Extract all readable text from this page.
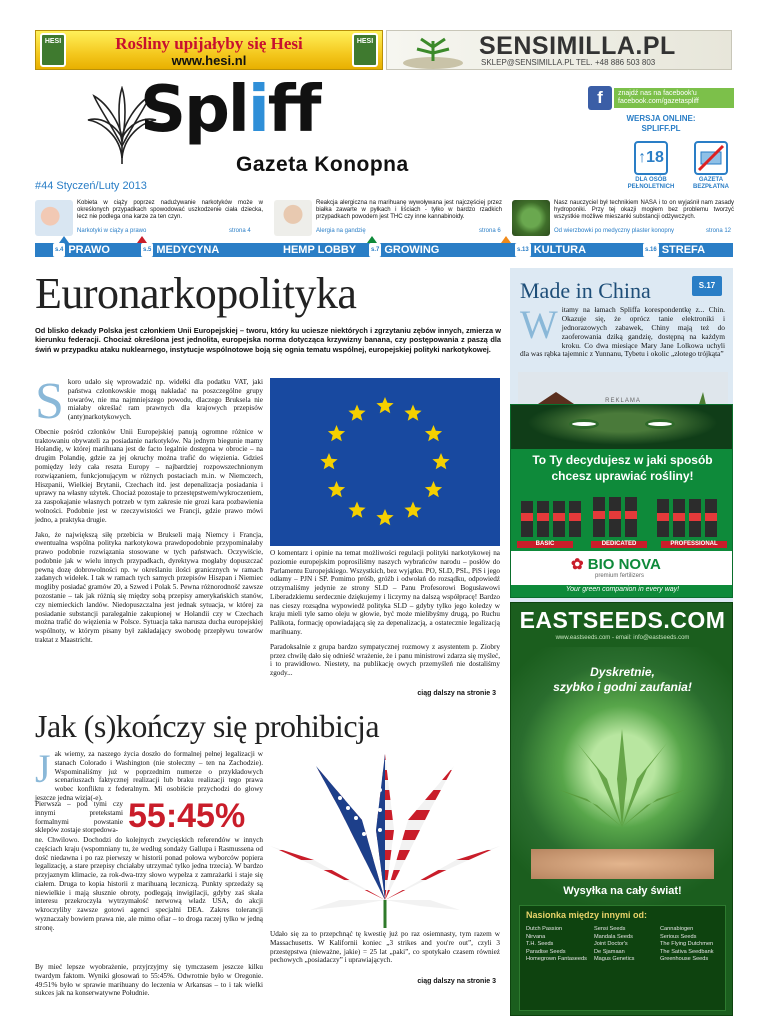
HESI	Rośliny upijałyby się Hesi
www.hesi.nl
HESI	SENSIMILLA.PL
SKLEP@SENSIMILLA.PL TEL. +48 886 503 803
Spliff
Gazeta Konopna
#44 Styczeń/Luty 2013
f	znajdź nas na facebook'u
facebook.com/gazetaspliff
WERSJA ONLINE:
SPLIFF.PL
↑18
DLA OSÓB
PEŁNOLETNICH
GAZETA
BEZPŁATNA
Kobieta w ciąży poprzez nadużywanie narkotyków może w określonych przypadkach spowodować uszkodzenie ciała dziecka, lecz nie podlega ona karze za ten czyn.
Narkotyki w ciąży a prawo	strona 4
Reakcja alergiczna na marihuanę wywoływana jest najczęściej przez białka zawarte w pyłkach i liściach - tylko w bardzo rzadkich przypadkach powodem jest THC czy inne kannabinoidy.
Alergia na gandzię	strona 6
Nasz nauczyciel był technikiem NASA i to on wyjaśnił nam zasady hydroponiki. Przy tej okazji mogłem bez problemu tworzyć wszystkie możliwe mieszanki substancji odżywczych.
Od wierzbowki po medyczny plaster konopny	strona 12
s.4 PRAWO	s.5 MEDYCYNA	HEMP LOBBY	s.7 GROWING	s.13 KULTURA	s.16 STREFA
Euronarkopolityka
Od blisko dekady Polska jest członkiem Unii Europejskiej – tworu, który ku uciesze niektórych i zgrzytaniu zębów innych, zmierza w kierunku federacji. Chociaż określona jest jednolita, europejska norma dotycząca krzywizny banana, czy postępowania z paszą dla świń w przypadku ataku nuklearnego, instytucje wspólnotowe boją się ognia tematu wspólnej, europejskiej polityki narkotykowej.

Skoro udało się wprowadzić np. widełki dla podatku VAT, jaki państwa członkowskie mogą nakładać na poszczególne grupy towarów, nie ma najmniejszego powodu, dlaczego Bruksela nie miałaby określać ram prawnych dla krajowych przepisów (anty)narkotykowych.

Obecnie pośród członków Unii Europejskiej panują ogromne różnice w traktowaniu obywateli za posiadanie narkotyków. Na jednym biegunie mamy Holandię, w której marihuana jest de facto legalnie dostępna w obrocie – na drugim Polandię, gdzie za jej okruchy można trafić do więzienia. Gdzieś pomiędzy leży cała reszta Europy – najbardziej rozpowszechnionym rozwiązaniem, funkcjonującym w różnych postaciach m.in. w Niemczech, Hiszpanii, Wielkiej Brytanii, Czechach itd. jest depenalizacja posiadania i uprawy na własny użytek. Chociaż pozostaje to przestępstwem/wykroczeniem, za zaspokajanie własnych potrzeb w tym zakresie nie grozi kara pozbawienia wolności. Podobnie jest w rzeczywistości we Francji, gdzie prawo mówi jedno, a praktyka drugie.

Jako, że największą siłę przebicia w Brukseli mają Niemcy i Francja, ewentualna wspólna polityka narkotykowa prawdopodobnie przypominałaby prawo podobnie rozwiązania stosowane w tych państwach. Oczywiście, podobnie jak w wielu innych przypadkach, dyrektywa mogłaby dopuszczać pewną dozę dobrowolności np. w określaniu ilości granicznych w ramach zadanych widełek. I tak w ramach tych samych przepisów Hiszpan i Niemiec mogliby posiadać gramów 20, a Szwed i Polak 5. Pewna różnorodność zawsze pozostanie – tak jak różnią się między sobą przepisy amerykańskich stanów, czy niemieckich landów. Niedopuszczalna jest jednak sytuacja, w której za posiadanie substancji paralegalnie zakupionej w Holandii czy w Czechach można trafić do więzienia w Polsce. Sytuacja taka narusza ducha europejskiej wspólnoty, w którym pisany był zakładający swobodę przepływu towarów traktat z Maastricht.

O komentarz i opinie na temat możliwości regulacji polityki narkotykowej na poziomie europejskim poprosiliśmy naszych wybrańców narodu – posłów do Parlamentu Europejskiego. Wszystkich, bez wyjątku. PO, SLD, PSL, PiS i jego odłamy – PJN i SP. Pomimo próśb, gróźb i odwołań do rozsądku, odpowiedź otrzymaliśmy jedynie ze strony SLD – Panu Profesorowi Bogusławowi Liberadzkiemu serdecznie dziękujemy i liczymy na dalszą współpracę! Bardzo nas cieszy rozsądna wypowiedź polityka SLD – gdyby tylko jego koledzy w kraju mieli tyle samo oleju w głowie, być może mielibyśmy drugą, po Ruchu Palikota, formację opowiadającą się za depenalizacją, a ostatecznie legalizacją marihuany.

Paradoksalnie z grupa bardzo sympatycznej rozmowy z asystentem p. Ziobry przez chwilę dało się odnieść wrażenie, że i panu ministrowi zdarza się myśleć, i to prawidłowo. Niestety, na publikację owych przemyśleń nie dostaliśmy zgody...

ciąg dalszy na stronie 3
Made in China	S.17
Witamy na łamach Spliffa korespondentkę z... Chin. Okazuje się, że oprócz tanie elektroniki i jednorazowych zabawek, Chiny mają też do zaoferowania dziką gandzię, dostępną na każdym kroku. Co dwa miesiące Mary Jane Lolkowa uchyli dla was rąbka tajemnic z Yunnanu, Tybetu i okolic „złotego trójkąta”
REKLAMA
To Ty decydujesz w jaki sposób
chcesz uprawiać rośliny!
BASIC	DEDICATED	PROFESSIONAL
✿ BIO NOVA
premium fertilizers
Your green companion in every way!
EASTSEEDS.COM
www.eastseeds.com - email: info@eastseeds.com
Dyskretnie,
szybko i godni zaufania!
Wysyłka na cały świat!
Nasionka między innymi od:
Dutch Passion
Nirvana
T.H. Seeds
Paradise Seeds
Homegrown Fantaseeds
Sensi Seeds
Mandala Seeds
Joint Doctor's
De Sjamaan
Magus Genetics
Cannabiogen
Serious Seeds
The Flying Dutchmen
The Sativa Seedbank
Greenhouse Seeds
Jak (s)kończy się prohibicja
Jak wiemy, za naszego życia doszło do formalnej pełnej legalizacji w stanach Colorado i Washington (nie stołeczny – ten na Zachodzie). Wspominaliśmy już w poprzednim numerze o przykładowych scenariuszach faktycznej realizacji lub braku realizacji tego prawa wobec konfliktu z federalnym. Mi osobiście przychodzi do głowy jeszcze jedna wizja(-e).
Pierwsza – pod tymi czy innymi pretekstami formalnymi powstanie sklepów zostaje storpedowa- 55:45%
ne. Chwilowo. Dochodzi do kolejnych zwycięskich referendów w innych częściach kraju (wspomniany tu, że według sondaży Gallupa i Rasmussena od dość niedawna i po raz pierwszy w historii ponad połowa wyborców popiera legalizację, a stare przepisy chciałaby utrzymać tylko jedna trzecia). W bardzo przyjaznym klimacie, za rok-dwa-trzy słowo wypełza z zamrażarki i staje się ciałem. Druga to kopia historii z marihuaną leczniczą. Punkty sprzedaży są niewielkie i mają słusznie obroty, podlegają inwigilacji, gdyby zaś skala interesu przekroczyła wytrzymałość nerwową władz USA, do akcji wkroczyliby zawsze gotowi agenci specjalni DEA. Zakres tolerancji wyznaczały bowiem prawa nie, ale mimo ofiar – to droga raczej tylko w jedną stronę.
By mieć lepsze wyobrażenie, przyjrzyjmy się tymczasem jeszcze kilku twardym faktom. Wyniki głosowań to 55:45%. Odwrotnie było w Oregonie. 49:51% było w sprawie marihuany do leczenia w Arkansas – to i tak wielki sukces jak na konserwatywne Południe.
Udało się za to przepchnąć tę kwestię już po raz osiemnasty, tym razem w Massachusetts. W Kalifornii koniec „3 strikes and you're out”, czyli 3 przestępstwa (nieważne, jakie) = 25 lat „paki”, co spotykało czasem również pechowych „posiadaczy” i uprawiających.
ciąg dalszy na stronie 3
